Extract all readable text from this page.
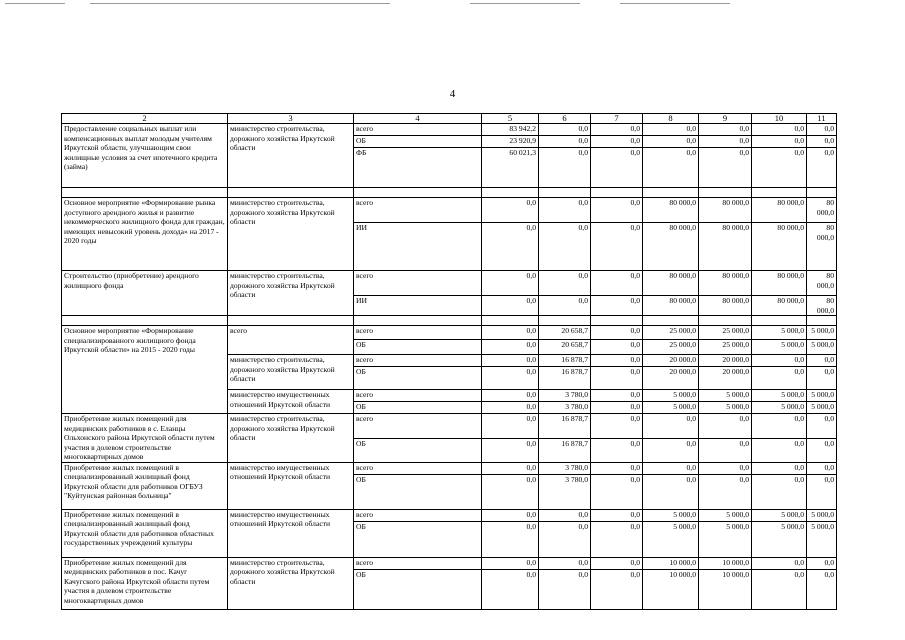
4
2	3	4	5	6	7	8	9	10	11
Предоставление социальных выплат или компенсационных выплат молодым учителям Иркутской области, улучшающим свои жилищные условия за счет ипотечного кредита (займа)	министерство строительства, дорожного хозяйства Иркутской области	всего	83 942,2	0,0	0,0	0,0	0,0	0,0	0,0
		ОБ	23 920,9	0,0	0,0	0,0	0,0	0,0	0,0
		ФБ	60 021,3	0,0	0,0	0,0	0,0	0,0	0,0

Основное мероприятие «Формирование рынка доступного арендного жилья и развитие некоммерческого жилищного фонда для граждан, имеющих невысокий уровень дохода» на 2017 - 2020 годы	министерство строительства, дорожного хозяйства Иркутской области	всего	0,0	0,0	0,0	80 000,0	80 000,0	80 000,0	80 000,0
		ИИ	0,0	0,0	0,0	80 000,0	80 000,0	80 000,0	80 000,0
Строительство (приобретение) арендного жилищного фонда	министерство строительства, дорожного хозяйства Иркутской области	всего	0,0	0,0	0,0	80 000,0	80 000,0	80 000,0	80 000,0
		ИИ	0,0	0,0	0,0	80 000,0	80 000,0	80 000,0	80 000,0

Основное мероприятие «Формирование специализированного жилищного фонда Иркутской области» на 2015 - 2020 годы	всего	всего	0,0	20 658,7	0,0	25 000,0	25 000,0	5 000,0	5 000,0
		ОБ	0,0	20 658,7	0,0	25 000,0	25 000,0	5 000,0	5 000,0
	министерство строительства, дорожного хозяйства Иркутской области	всего	0,0	16 878,7	0,0	20 000,0	20 000,0	0,0	0,0
		ОБ	0,0	16 878,7	0,0	20 000,0	20 000,0	0,0	0,0
	министерство имущественных отношений Иркутской области	всего	0,0	3 780,0	0,0	5 000,0	5 000,0	5 000,0	5 000,0
		ОБ	0,0	3 780,0	0,0	5 000,0	5 000,0	5 000,0	5 000,0
Приобретение жилых помещений для медицинских работников в с. Еланцы Ольхонского района Иркутской области путем участия в долевом строительстве многоквартирных домов	министерство строительства, дорожного хозяйства Иркутской области	всего	0,0	16 878,7	0,0	0,0	0,0	0,0	0,0
		ОБ	0,0	16 878,7	0,0	0,0	0,0	0,0	0,0
Приобретение жилых помещений в специализированный жилищный фонд Иркутской области для работников ОГБУЗ "Куйтунская районная больница"	министерство имущественных отношений Иркутской области	всего	0,0	3 780,0	0,0	0,0	0,0	0,0	0,0
		ОБ	0,0	3 780,0	0,0	0,0	0,0	0,0	0,0
Приобретение жилых помещений в специализированный жилищный фонд Иркутской области для работников областных государственных учреждений культуры	министерство имущественных отношений Иркутской области	всего	0,0	0,0	0,0	5 000,0	5 000,0	5 000,0	5 000,0
		ОБ	0,0	0,0	0,0	5 000,0	5 000,0	5 000,0	5 000,0
Приобретение жилых помещений для медицинских работников в пос. Качуг Качугского района Иркутской области путем участия в долевом строительстве многоквартирных домов	министерство строительства, дорожного хозяйства Иркутской области	всего	0,0	0,0	0,0	10 000,0	10 000,0	0,0	0,0
		ОБ	0,0	0,0	0,0	10 000,0	10 000,0	0,0	0,0
